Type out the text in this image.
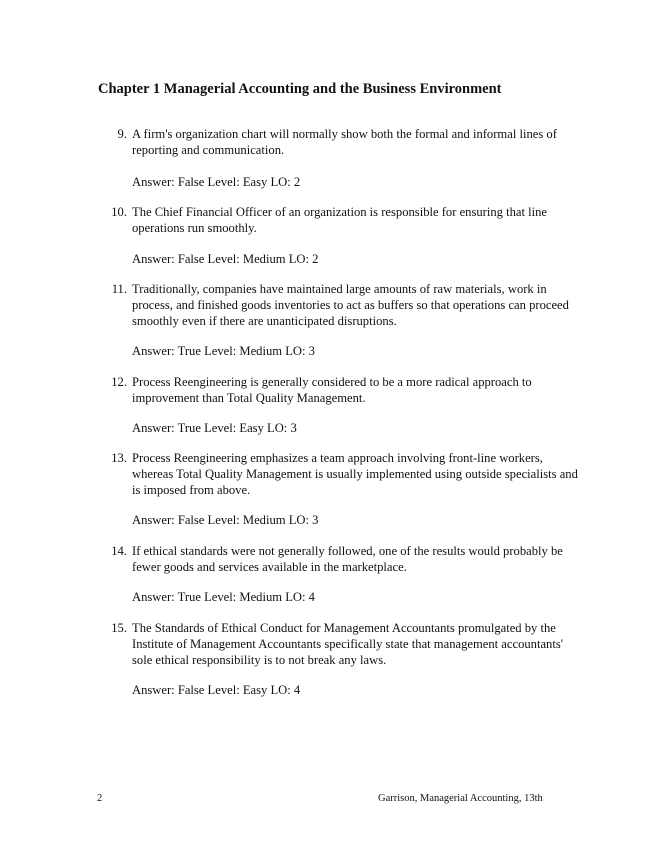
Chapter 1 Managerial Accounting and the Business Environment
9. A firm's organization chart will normally show both the formal and informal lines of reporting and communication.
Answer: False Level: Easy LO: 2
10. The Chief Financial Officer of an organization is responsible for ensuring that line operations run smoothly.
Answer: False Level: Medium LO: 2
11. Traditionally, companies have maintained large amounts of raw materials, work in process, and finished goods inventories to act as buffers so that operations can proceed smoothly even if there are unanticipated disruptions.
Answer: True Level: Medium LO: 3
12. Process Reengineering is generally considered to be a more radical approach to improvement than Total Quality Management.
Answer: True Level: Easy LO: 3
13. Process Reengineering emphasizes a team approach involving front-line workers, whereas Total Quality Management is usually implemented using outside specialists and is imposed from above.
Answer: False Level: Medium LO: 3
14. If ethical standards were not generally followed, one of the results would probably be fewer goods and services available in the marketplace.
Answer: True Level: Medium LO: 4
15. The Standards of Ethical Conduct for Management Accountants promulgated by the Institute of Management Accountants specifically state that management accountants' sole ethical responsibility is to not break any laws.
Answer: False Level: Easy LO: 4
2	Garrison, Managerial Accounting, 13th
